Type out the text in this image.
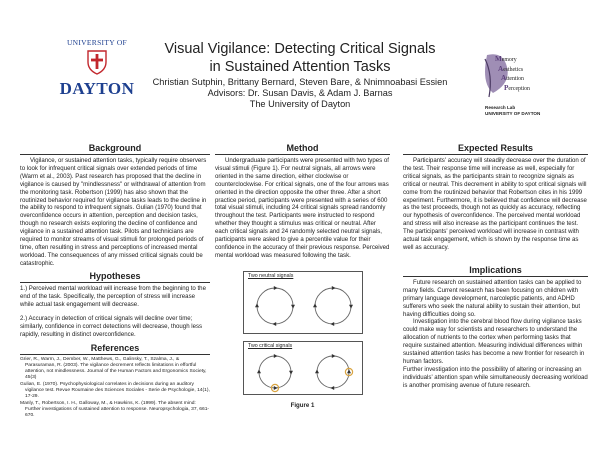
UNIVERSITY OF
DAYTON
Memory
Aesthetics
Attention
Perception
Research Lab
UNIVERSITY OF DAYTON
Visual Vigilance: Detecting Critical Signals
in Sustained Attention Tasks
Christian Sutphin, Brittany Bernard, Steven Bare, & Nnimnoabasi Essien
Advisors: Dr. Susan Davis, & Adam J. Barnas
The University of Dayton
Background

Vigilance, or sustained attention tasks, typically require observers to look for infrequent critical signals over extended periods of time (Warm et al., 2003). Past research has proposed that the decline in vigilance is caused by "mindlessness" or withdrawal of attention from the monitoring task. Robertson (1999) has also shown that the routinized behavior required for vigilance tasks leads to the decline in the ability to respond to infrequent signals. Gulian (1970) found that overconfidence occurs in attention, perception and decision tasks, though no research exists exploring the decline of confidence and vigilance in a sustained attention task. Pilots and technicians are required to monitor streams of visual stimuli for prolonged periods of time, often resulting in stress and perceptions of increased mental workload. The consequences of any missed critical signals could be catastrophic.

Hypotheses

1.) Perceived mental workload will increase from the beginning to the end of the task. Specifically, the perception of stress will increase while actual task engagement will decrease.

2.) Accuracy in detection of critical signals will decline over time; similarly, confidence in correct detections will decrease, though less rapidly, resulting in distinct overconfidence.

References

Grier, R., Warm, J., Dember, W., Matthews, G., Galinsky, T., Szalma, J., & Parasuraman, R. (2003). The vigilance decrement reflects limitations in effortful attention, not mindlessness. Journal of the Human Factors and Ergonomics Society, 45(3)

Gulian, E. (1970). Psychophysiological correlates in decisions during an auditory vigilance test. Revue Roumaine des Sciences Sociales - Serie de Psychologie, 14(1), 17-29.

Manly, T., Robertson, I. H., Galloway, M., & Hawkins, K. (1999). The absent mind: Further investigations of sustained attention to response. Neuropsychologia, 37, 661-670.

Method

Undergraduate participants were presented with two types of visual stimuli (Figure 1). For neutral signals, all arrows were oriented in the same direction, either clockwise or counterclockwise. For critical signals, one of the four arrows was oriented in the direction opposite the other three. After a short practice period, participants were presented with a series of 600 total visual stimuli, including 24 critical signals spread randomly throughout the test. Participants were instructed to respond whether they thought a stimulus was critical or neutral. After each critical signals and 24 randomly selected neutral signals, participants were asked to give a percentile value for their confidence in the accuracy of their previous response. Perceived mental workload was measured following the task.

Two neutral signals
Two critical signals
Figure 1
Expected Results

Participants' accuracy will steadily decrease over the duration of the test. Their response time will increase as well, especially for critical signals, as the participants strain to recognize signals as critical or neutral. This decrement in ability to spot critical signals will come from the routinized behavior that Robertson cites in his 1999 experiment. Furthermore, it is believed that confidence will decrease as the test proceeds, though not as quickly as accuracy, reflecting our hypothesis of overconfidence. The perceived mental workload and stress will also increase as the participant continues the test. The participants' perceived workload will increase in contrast with actual task engagement, which is shown by the response time as well as accuracy.

Implications

Future research on sustained attention tasks can be applied to many fields. Current research has been focusing on children with primary language development, narcoleptic patients, and ADHD sufferers who seek the natural ability to sustain their attention, but having difficulties doing so.

Investigation into the cerebral blood flow during vigilance tasks could make way for scientists and researchers to understand the allocation of nutrients to the cortex when performing tasks that require sustained attention. Measuring individual differences within sustained attention tasks has become a new frontier for research in human factors.

Further investigation into the possibility of altering or increasing an individuals' attention span while simultaneously decreasing workload is another promising avenue of future research.
